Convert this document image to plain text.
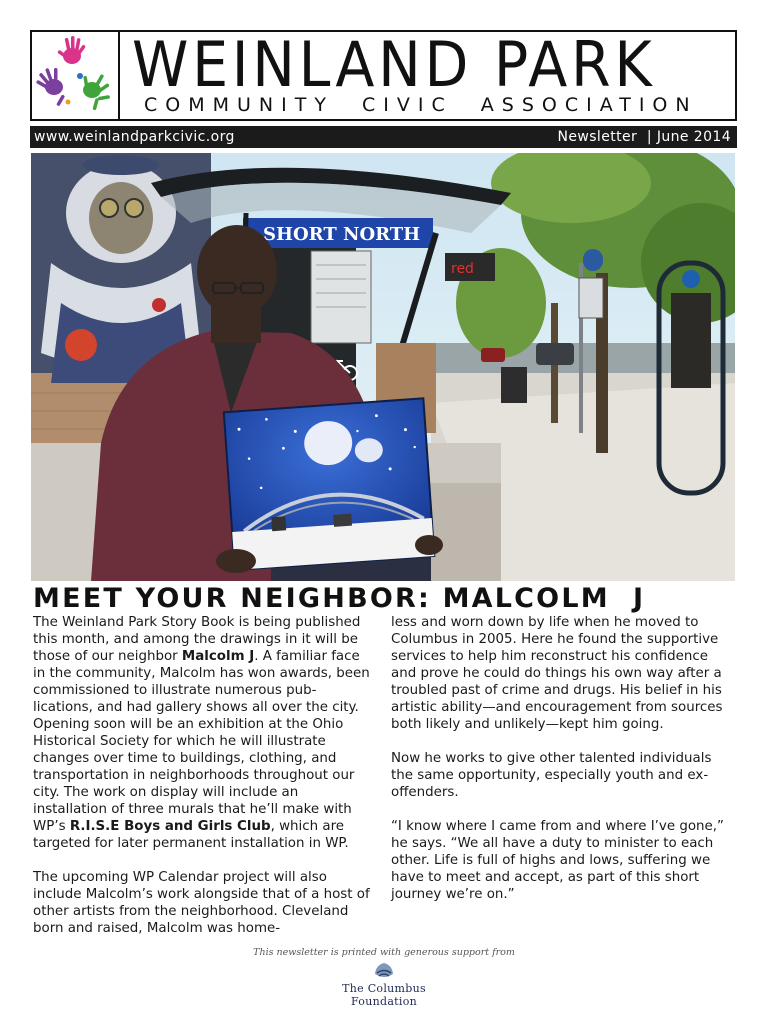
WEINLAND PARK
COMMUNITY CIVIC ASSOCIATION
www.weinlandparkcivic.org	Newsletter  | June 2014
red
SHORT NORTH
MEET YOUR NEIGHBOR: MALCOLM  J

The Weinland Park Story Book is being published this month, and among the drawings in it will be those of our neighbor Malcolm J. A familiar face in the community, Malcolm has won awards, been commissioned to illustrate numerous pub-lications, and had gallery shows all over the city. Opening soon will be an exhibition at the Ohio Historical Society for which he will illustrate changes over time to buildings, clothing, and transportation in neighborhoods throughout our city. The work on display will include an installation of three murals that he’ll make with WP’s R.I.S.E Boys and Girls Club, which are targeted for later permanent installation in WP.

The upcoming WP Calendar project will also include Malcolm’s work alongside that of a host of other artists from the neighborhood. Cleveland born and raised, Malcolm was home-

less and worn down by life when he moved to Columbus in 2005. Here he found the supportive services to help him reconstruct his confidence and prove he could do things his own way after a troubled past of crime and drugs. His belief in his artistic ability—and encouragement from sources both likely and unlikely—kept him going.

Now he works to give other talented individuals the same opportunity, especially youth and ex-offenders.

“I know where I came from and where I’ve gone,” he says. “We all have a duty to minister to each other. Life is full of highs and lows, suffering we have to meet and accept, as part of this short journey we’re on.”

This newsletter is printed with generous support from
The Columbus
Foundation
